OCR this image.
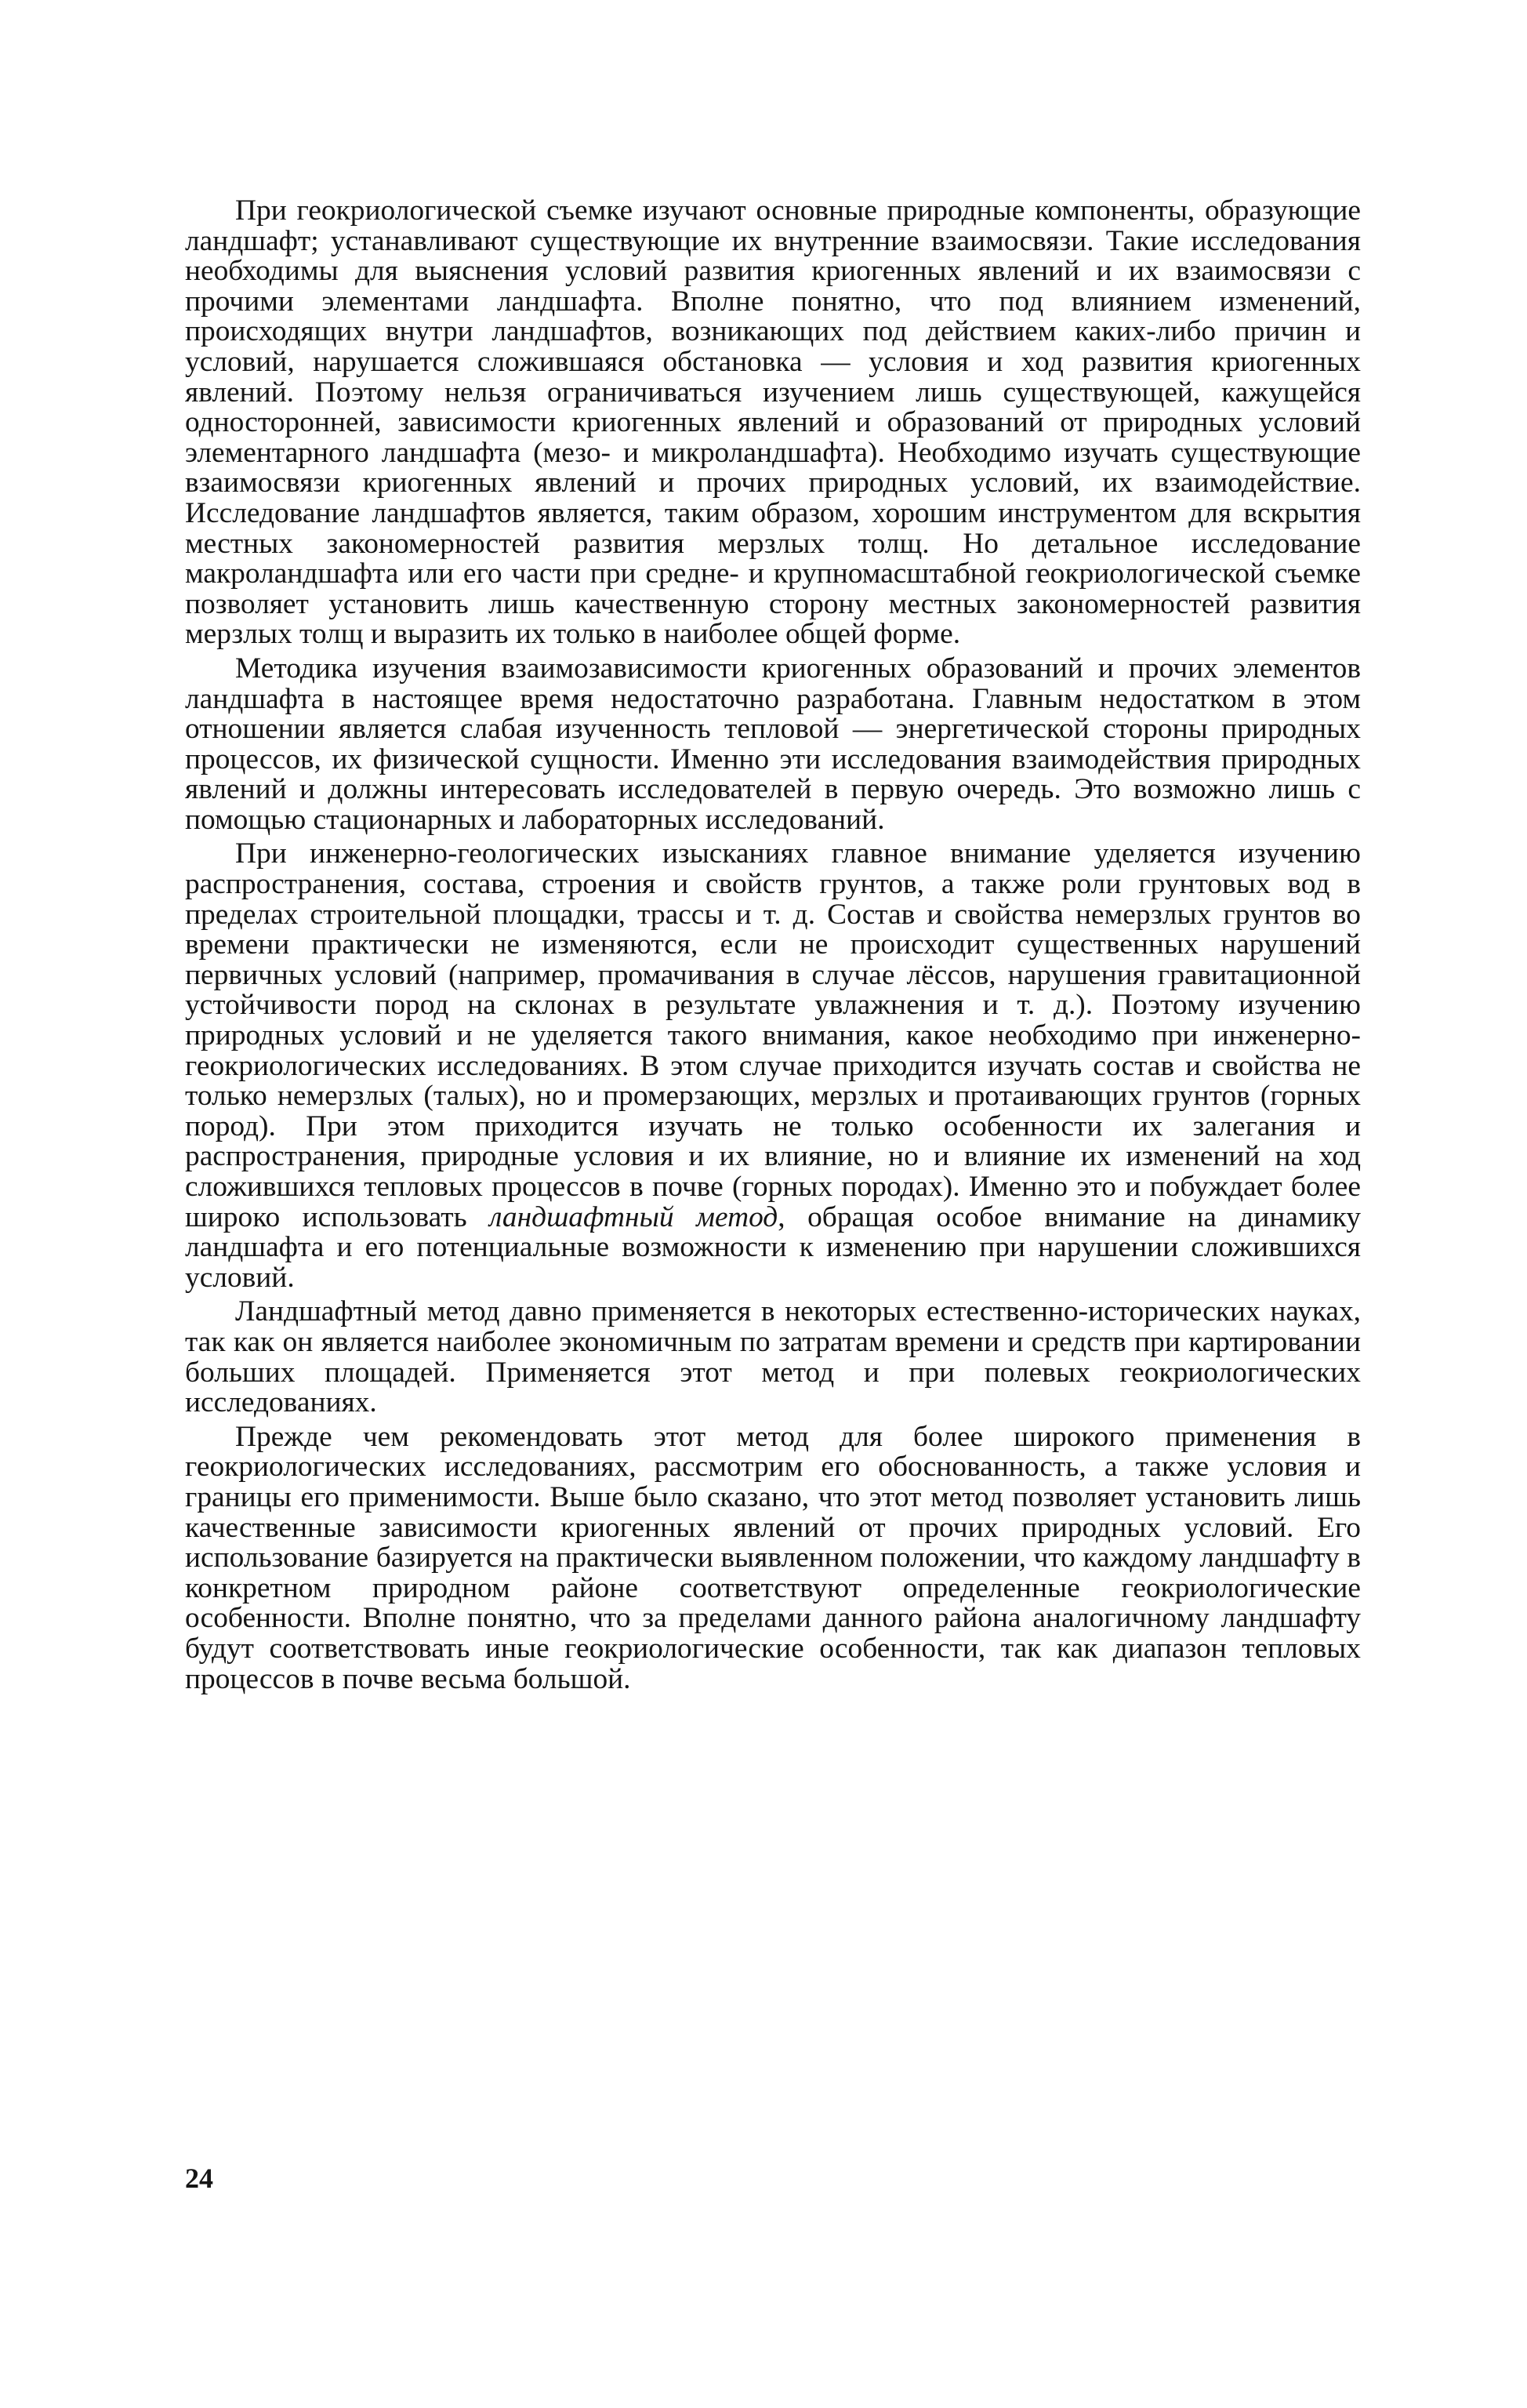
При геокриологической съемке изучают основные природные компоненты, образующие ландшафт; устанавливают существующие их внутренние взаимосвязи. Такие исследования необходимы для выяснения условий развития криогенных явлений и их взаимосвязи с прочими элементами ландшафта. Вполне понятно, что под влиянием изменений, происходящих внутри ландшафтов, возникающих под действием каких-либо причин и условий, нарушается сложившаяся обстановка — условия и ход развития криогенных явлений. Поэтому нельзя ограничиваться изучением лишь существующей, кажущейся односторонней, зависимости криогенных явлений и образований от природных условий элементарного ландшафта (мезо- и микроландшафта). Необходимо изучать существующие взаимосвязи криогенных явлений и прочих природных условий, их взаимодействие. Исследование ландшафтов является, таким образом, хорошим инструментом для вскрытия местных закономерностей развития мерзлых толщ. Но детальное исследование макроландшафта или его части при средне- и крупномасштабной геокриологической съемке позволяет установить лишь качественную сторону местных закономерностей развития мерзлых толщ и выразить их только в наиболее общей форме.

Методика изучения взаимозависимости криогенных образований и прочих элементов ландшафта в настоящее время недостаточно разработана. Главным недостатком в этом отношении является слабая изученность тепловой — энергетической стороны природных процессов, их физической сущности. Именно эти исследования взаимодействия природных явлений и должны интересовать исследователей в первую очередь. Это возможно лишь с помощью стационарных и лабораторных исследований.

При инженерно-геологических изысканиях главное внимание уделяется изучению распространения, состава, строения и свойств грунтов, а также роли грунтовых вод в пределах строительной площадки, трассы и т. д. Состав и свойства немерзлых грунтов во времени практически не изменяются, если не происходит существенных нарушений первичных условий (например, промачивания в случае лёссов, нарушения гравитационной устойчивости пород на склонах в результате увлажнения и т. д.). Поэтому изучению природных условий и не уделяется такого внимания, какое необходимо при инженерно-геокриологических исследованиях. В этом случае приходится изучать состав и свойства не только немерзлых (талых), но и промерзающих, мерзлых и протаивающих грунтов (горных пород). При этом приходится изучать не только особенности их залегания и распространения, природные условия и их влияние, но и влияние их изменений на ход сложившихся тепловых процессов в почве (горных породах). Именно это и побуждает более широко использовать ландшафтный метод, обращая особое внимание на динамику ландшафта и его потенциальные возможности к изменению при нарушении сложившихся условий.

Ландшафтный метод давно применяется в некоторых естественно-исторических науках, так как он является наиболее экономичным по затратам времени и средств при картировании больших площадей. Применяется этот метод и при полевых геокриологических исследованиях.

Прежде чем рекомендовать этот метод для более широкого применения в геокриологических исследованиях, рассмотрим его обоснованность, а также условия и границы его применимости. Выше было сказано, что этот метод позволяет установить лишь качественные зависимости криогенных явлений от прочих природных условий. Его использование базируется на практически выявленном положении, что каждому ландшафту в конкретном природном районе соответствуют определенные геокриологические особенности. Вполне понятно, что за пределами данного района аналогичному ландшафту будут соответствовать иные геокриологические особенности, так как диапазон тепловых процессов в почве весьма большой.

24
